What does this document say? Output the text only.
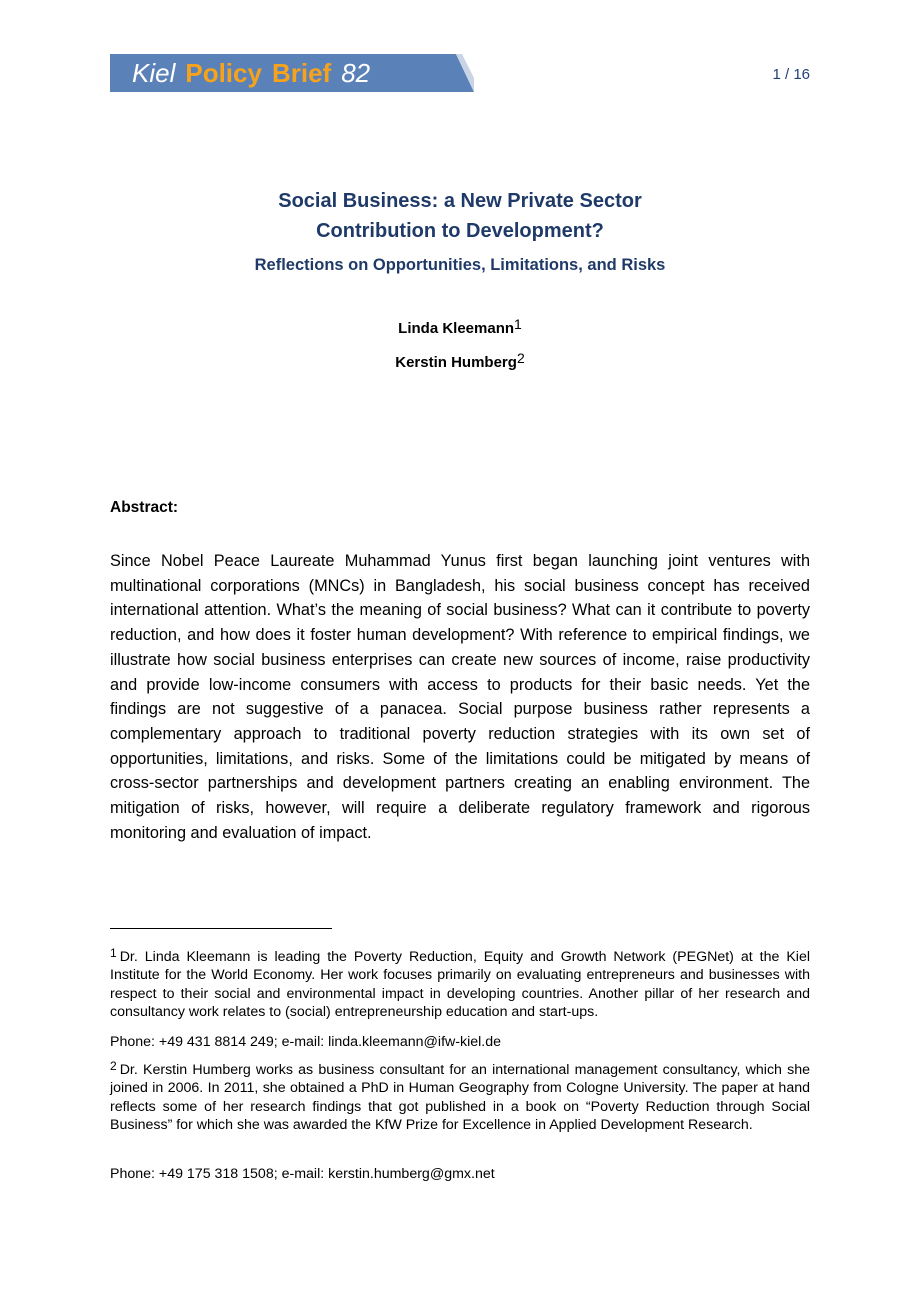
Kiel Policy Brief 82	1 / 16
Social Business: a New Private Sector
Contribution to Development?
Reflections on Opportunities, Limitations, and Risks
Linda Kleemann$^1$
Kerstin Humberg$^2$
Abstract:
Since Nobel Peace Laureate Muhammad Yunus first began launching joint ventures with multinational corporations (MNCs) in Bangladesh, his social business concept has received international attention. What’s the meaning of social business? What can it contribute to poverty reduction, and how does it foster human development? With reference to empirical findings, we illustrate how social business enterprises can create new sources of income, raise productivity and provide low-income consumers with access to products for their basic needs. Yet the findings are not suggestive of a panacea. Social purpose business rather represents a complementary approach to traditional poverty reduction strategies with its own set of opportunities, limitations, and risks. Some of the limitations could be mitigated by means of cross-sector partnerships and development partners creating an enabling environment. The mitigation of risks, however, will require a deliberate regulatory framework and rigorous monitoring and evaluation of impact.
$^1$ Dr. Linda Kleemann is leading the Poverty Reduction, Equity and Growth Network (PEGNet) at the Kiel Institute for the World Economy. Her work focuses primarily on evaluating entrepreneurs and businesses with respect to their social and environmental impact in developing countries. Another pillar of her research and consultancy work relates to (social) entrepreneurship education and start-ups.
Phone: +49 431 8814 249; e-mail: linda.kleemann@ifw-kiel.de
$^2$ Dr. Kerstin Humberg works as business consultant for an international management consultancy, which she joined in 2006. In 2011, she obtained a PhD in Human Geography from Cologne University. The paper at hand reflects some of her research findings that got published in a book on “Poverty Reduction through Social Business” for which she was awarded the KfW Prize for Excellence in Applied Development Research.
Phone: +49 175 318 1508; e-mail: kerstin.humberg@gmx.net
